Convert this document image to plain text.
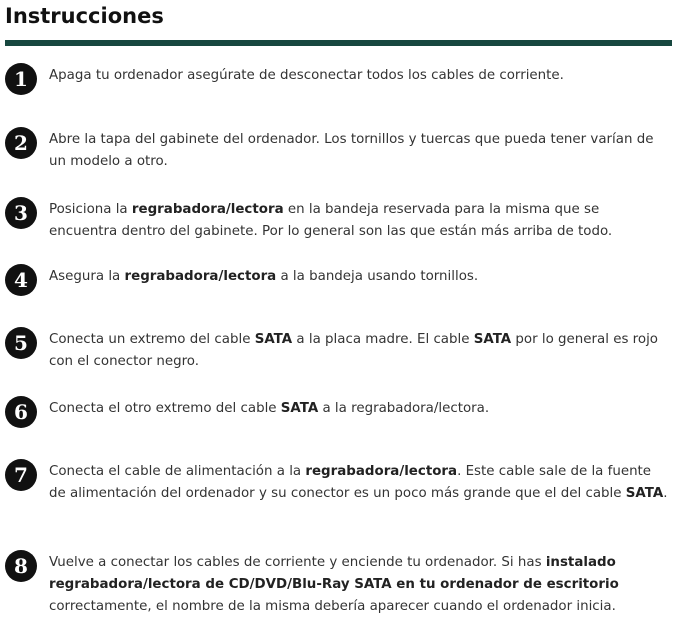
Instrucciones
1	Apaga tu ordenador asegúrate de desconectar todos los cables de corriente.
2	Abre la tapa del gabinete del ordenador. Los tornillos y tuercas que pueda tener varían de un modelo a otro.
3	Posiciona la regrabadora/lectora en la bandeja reservada para la misma que se encuentra dentro del gabinete. Por lo general son las que están más arriba de todo.
4	Asegura la regrabadora/lectora a la bandeja usando tornillos.
5	Conecta un extremo del cable SATA a la placa madre. El cable SATA por lo general es rojo con el conector negro.
6	Conecta el otro extremo del cable SATA a la regrabadora/lectora.
7	Conecta el cable de alimentación a la regrabadora/lectora. Este cable sale de la fuente de alimentación del ordenador y su conector es un poco más grande que el del cable SATA.
8	Vuelve a conectar los cables de corriente y enciende tu ordenador. Si has instalado regrabadora/lectora de CD/DVD/Blu-Ray SATA en tu ordenador de escritorio correctamente, el nombre de la misma debería aparecer cuando el ordenador inicia.
